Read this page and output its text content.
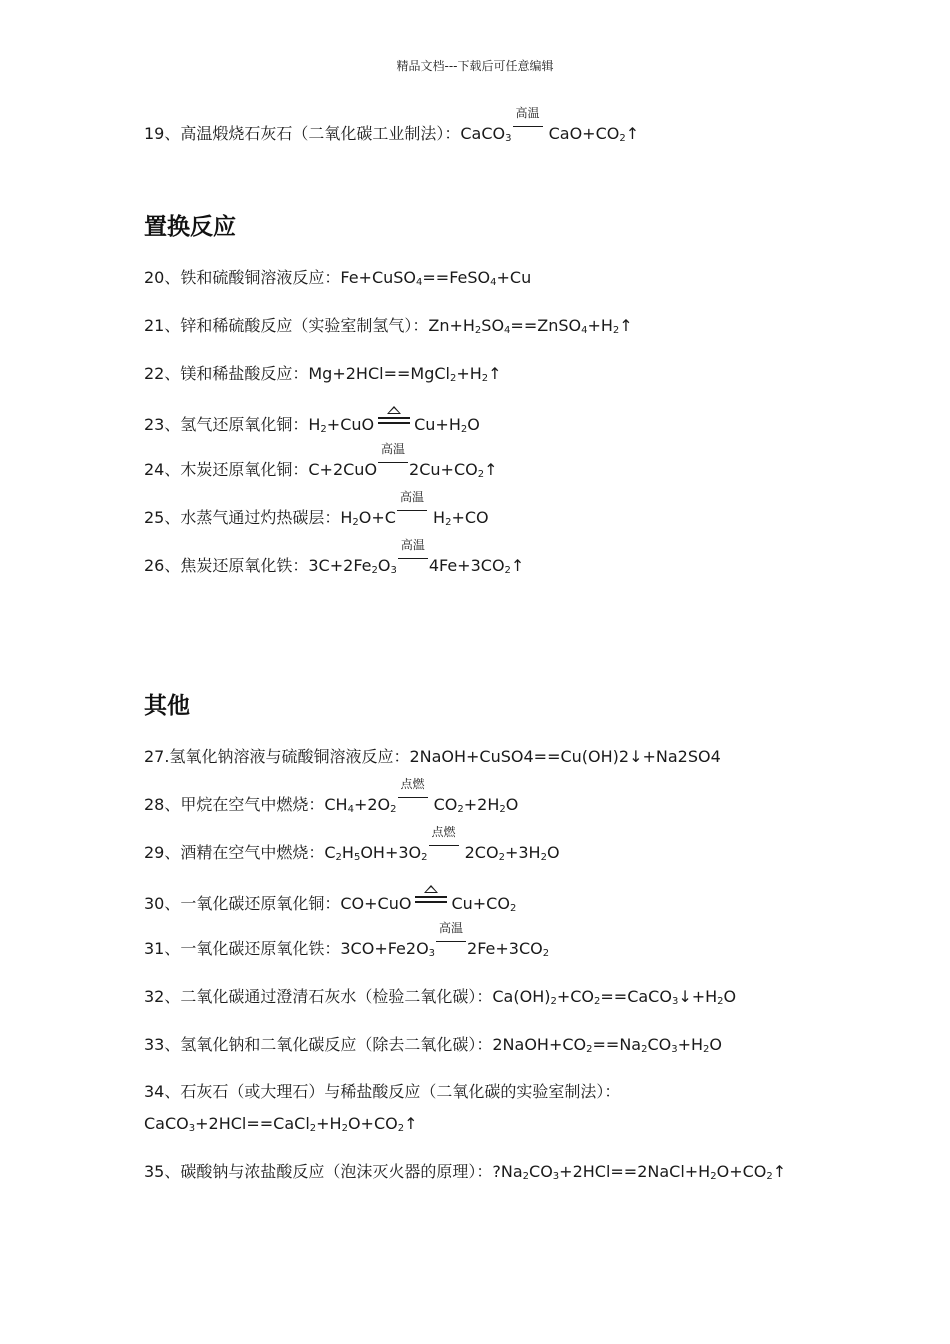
精品文档---下载后可任意编辑
19、高温煅烧石灰石（二氧化碳工业制法）：CaCO$_3$
高温
$CaO+CO_2↑$
置换反应
20、铁和硫酸铜溶液反应：Fe+CuSO$_4$==FeSO$_4$+Cu
21、锌和稀硫酸反应（实验室制氢气）：$Zn+H_2SO_4==ZnSO_4+H_2↑$
22、镁和稀盐酸反应：$Mg+2HCl==MgCl_2+H_2↑$
23、氢气还原氧化铜：$H_2+CuO$	$Cu+H_2O$
24、木炭还原氧化铜：C+2CuO
高温
$2Cu+CO_2↑$
25、水蒸气通过灼热碳层：$H_2O+C$
高温
$H_2+CO$
26、焦炭还原氧化铁：$3C+2Fe_2O_3$
高温
$4Fe+3CO_2↑$
其他
27.氢氧化钠溶液与硫酸铜溶液反应：2NaOH+CuSO4==Cu(OH)2↓+Na2SO4
28、甲烷在空气中燃烧：$CH_4+2O_2$
点燃
$CO_2+2H_2O$
29、酒精在空气中燃烧：$C_2H_5OH+3O_2$
点燃
$2CO_2+3H_2O$
30、一氧化碳还原氧化铜：CO+CuO	$Cu+CO_2$
31、一氧化碳还原氧化铁：$3CO+Fe2O_3$
高温
$2Fe+3CO_2$
32、二氧化碳通过澄清石灰水（检验二氧化碳）：$Ca(OH)_2+CO_2==CaCO_3↓+H_2O$
33、氢氧化钠和二氧化碳反应（除去二氧化碳）：$2NaOH+CO_2==Na_2CO_3+H_2O$
34、石灰石（或大理石）与稀盐酸反应（二氧化碳的实验室制法）：
$CaCO_3+2HCl==CaCl_2+H_2O+CO_2↑$
35、碳酸钠与浓盐酸反应（泡沫灭火器的原理）：$?Na_2CO_3+2HCl==2NaCl+H_2O+CO_2↑$
